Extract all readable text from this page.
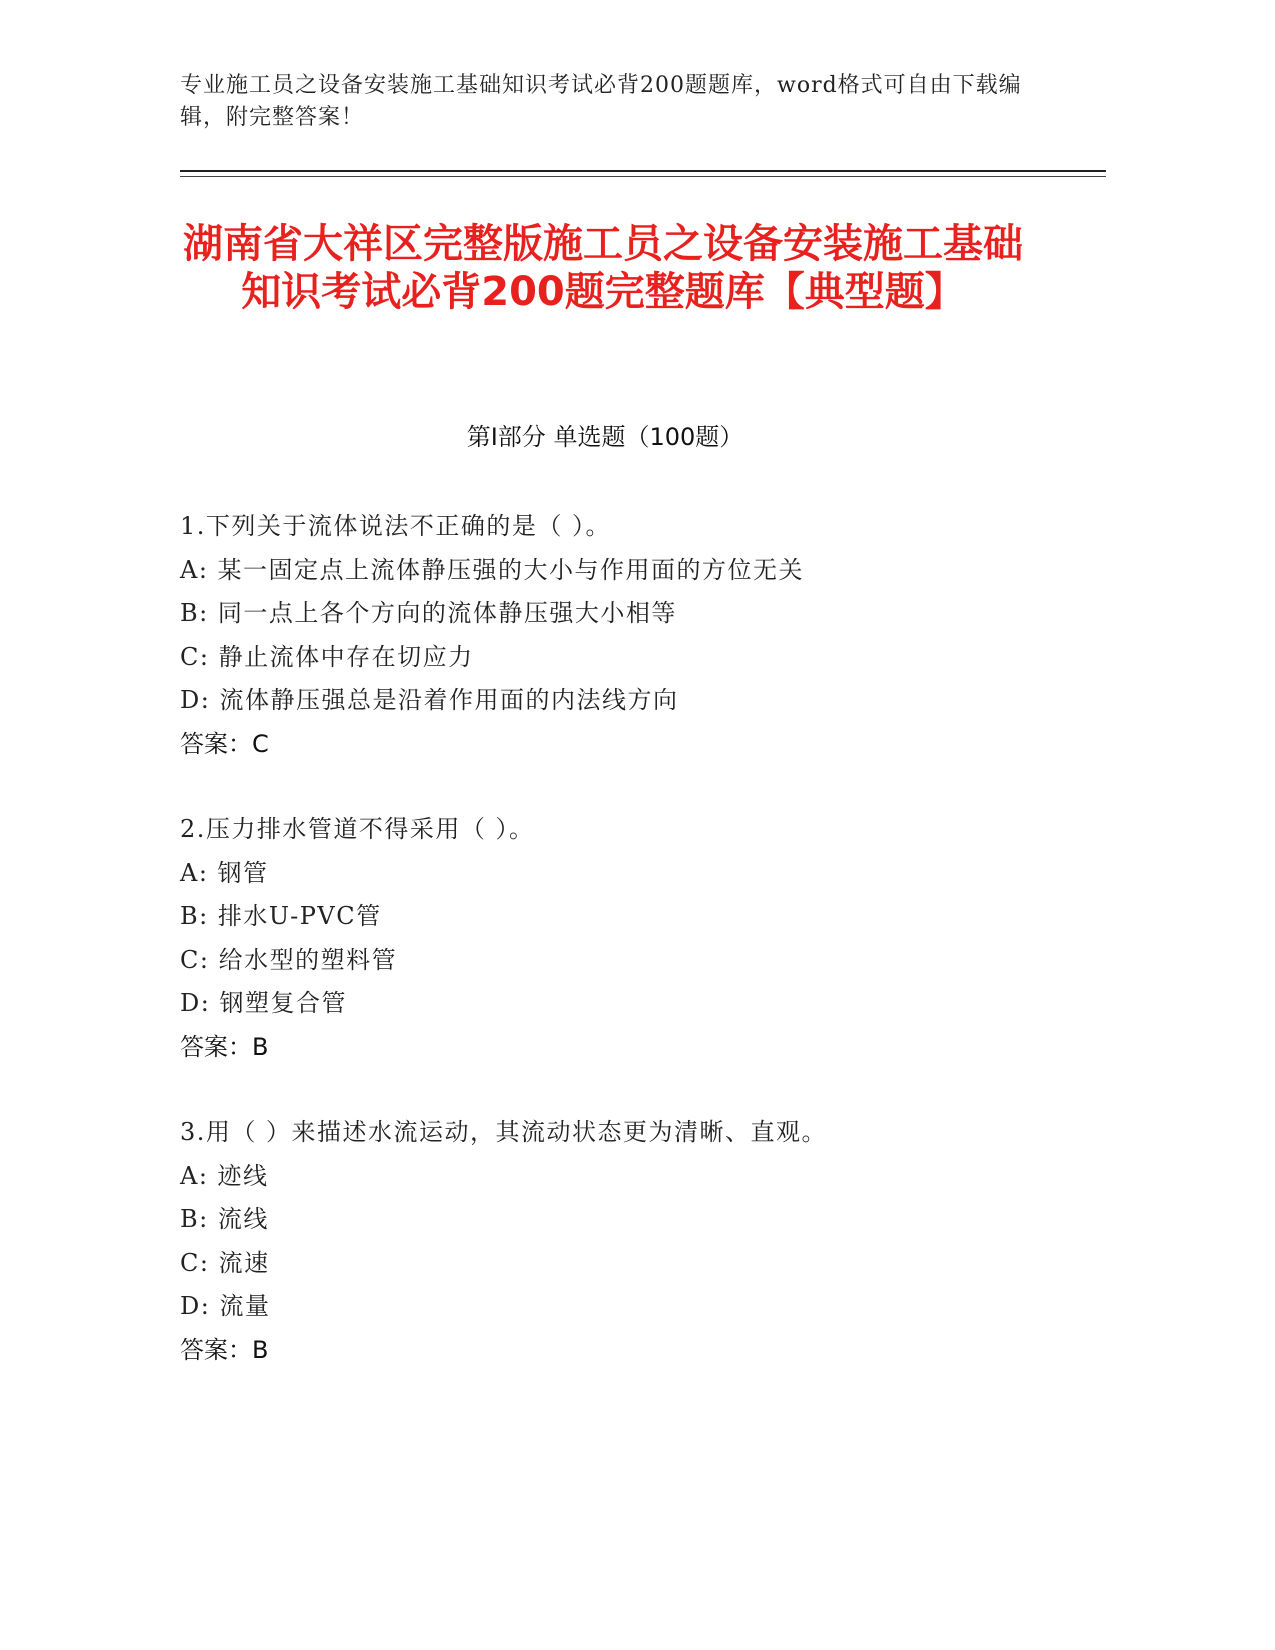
专业施工员之设备安装施工基础知识考试必背200题题库，word格式可自由下载编辑，附完整答案！
湖南省大祥区完整版施工员之设备安装施工基础知识考试必背200题完整题库【典型题】
第I部分 单选题（100题）
1.下列关于流体说法不正确的是（ ）。
A: 某一固定点上流体静压强的大小与作用面的方位无关
B: 同一点上各个方向的流体静压强大小相等
C: 静止流体中存在切应力
D: 流体静压强总是沿着作用面的内法线方向
答案：C
2.压力排水管道不得采用（ ）。
A: 钢管
B: 排水U-PVC管
C: 给水型的塑料管
D: 钢塑复合管
答案：B
3.用（ ）来描述水流运动，其流动状态更为清晰、直观。
A: 迹线
B: 流线
C: 流速
D: 流量
答案：B
